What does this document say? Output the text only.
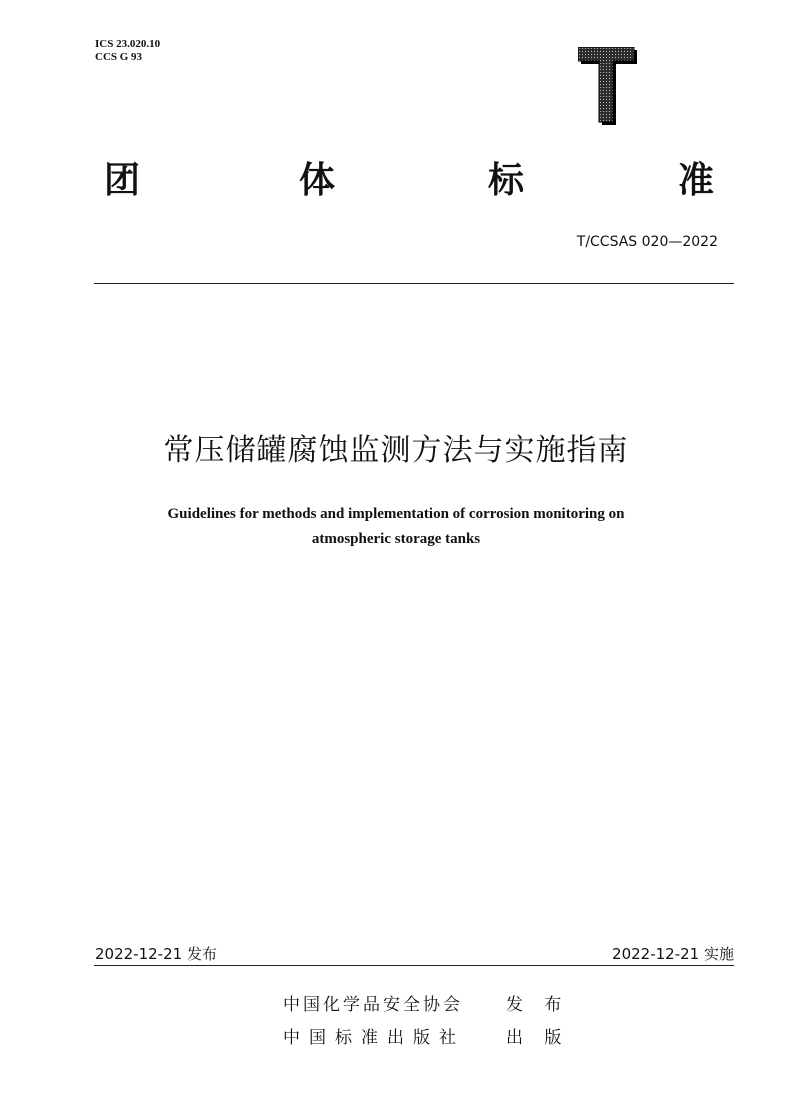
ICS 23.020.10
CCS G 93
团	体	标	准
T/CCSAS 020—2022
常压储罐腐蚀监测方法与实施指南
Guidelines for methods and implementation of corrosion monitoring on
atmospheric storage tanks
2022-12-21 发布	2022-12-21 实施
中国化学品安全协会	发 布
中国标准出版社 出 版
